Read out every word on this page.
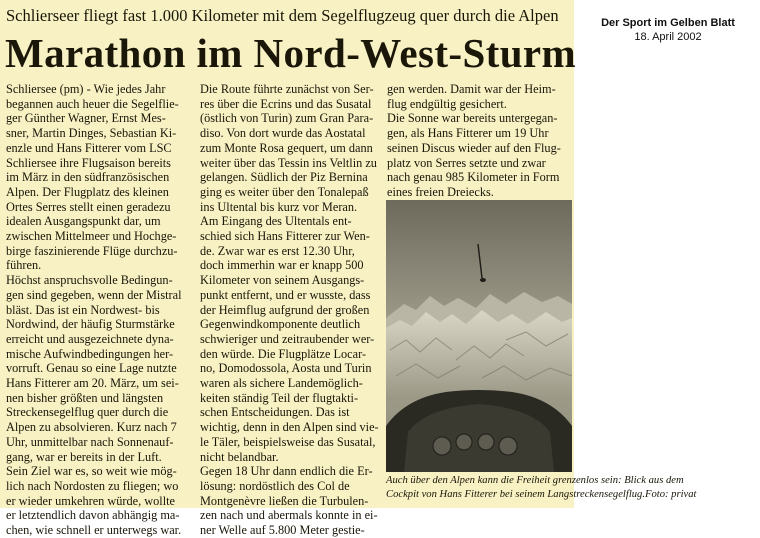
Schlierseer fliegt fast 1.000 Kilometer mit dem Segelflugzeug quer durch die Alpen
Marathon im Nord-West-Sturm
Schliersee (pm) - Wie jedes Jahr
begannen auch heuer die Segelflie-
ger Günther Wagner, Ernst Mes-
sner, Martin Dinges, Sebastian Ki-
enzle und Hans Fitterer vom LSC
Schliersee ihre Flugsaison bereits
im März in den südfranzösischen
Alpen. Der Flugplatz des kleinen
Ortes Serres stellt einen geradezu
idealen Ausgangspunkt dar, um
zwischen Mittelmeer und Hochge-
birge faszinierende Flüge durchzu-
führen.
Höchst anspruchsvolle Bedingun-
gen sind gegeben, wenn der Mistral
bläst. Das ist ein Nordwest- bis
Nordwind, der häufig Sturmstärke
erreicht und ausgezeichnete dyna-
mische Aufwindbedingungen her-
vorruft. Genau so eine Lage nutzte
Hans Fitterer am 20. März, um sei-
nen bisher größten und längsten
Streckensegelflug quer durch die
Alpen zu absolvieren. Kurz nach 7
Uhr, unmittelbar nach Sonnenauf-
gang, war er bereits in der Luft.
Sein Ziel war es, so weit wie mög-
lich nach Nordosten zu fliegen; wo
er wieder umkehren würde, wollte
er letztendlich davon abhängig ma-
chen, wie schnell er unterwegs war.
Die Route führte zunächst von Ser-
res über die Ecrins und das Susatal
(östlich von Turin) zum Gran Para-
diso. Von dort wurde das Aostatal
zum Monte Rosa gequert, um dann
weiter über das Tessin ins Veltlin zu
gelangen. Südlich der Piz Bernina
ging es weiter über den Tonalepaß
ins Ultental bis kurz vor Meran.
Am Eingang des Ultentals ent-
schied sich Hans Fitterer zur Wen-
de. Zwar war es erst 12.30 Uhr,
doch immerhin war er knapp 500
Kilometer von seinem Ausgangs-
punkt entfernt, und er wusste, dass
der Heimflug aufgrund der großen
Gegenwindkomponente deutlich
schwieriger und zeitraubender wer-
den würde. Die Flugplätze Locar-
no, Domodossola, Aosta und Turin
waren als sichere Landemöglich-
keiten ständig Teil der flugtakti-
schen Entscheidungen. Das ist
wichtig, denn in den Alpen sind vie-
le Täler, beispielsweise das Susatal,
nicht belandbar.
Gegen 18 Uhr dann endlich die Er-
lösung: nordöstlich des Col de
Montgenèvre ließen die Turbulen-
zen nach und abermals konnte in ei-
ner Welle auf 5.800 Meter gestie-
gen werden. Damit war der Heim-
flug endgültig gesichert.
Die Sonne war bereits untergegan-
gen, als Hans Fitterer um 19 Uhr
seinen Discus wieder auf den Flug-
platz von Serres setzte und zwar
nach genau 985 Kilometer in Form
eines freien Dreiecks.
Auch über den Alpen kann die Freiheit grenzenlos sein: Blick aus dem
Cockpit von Hans Fitterer bei seinem Langstreckensegelflug.Foto: privat
Der Sport im Gelben Blatt
18. April 2002
